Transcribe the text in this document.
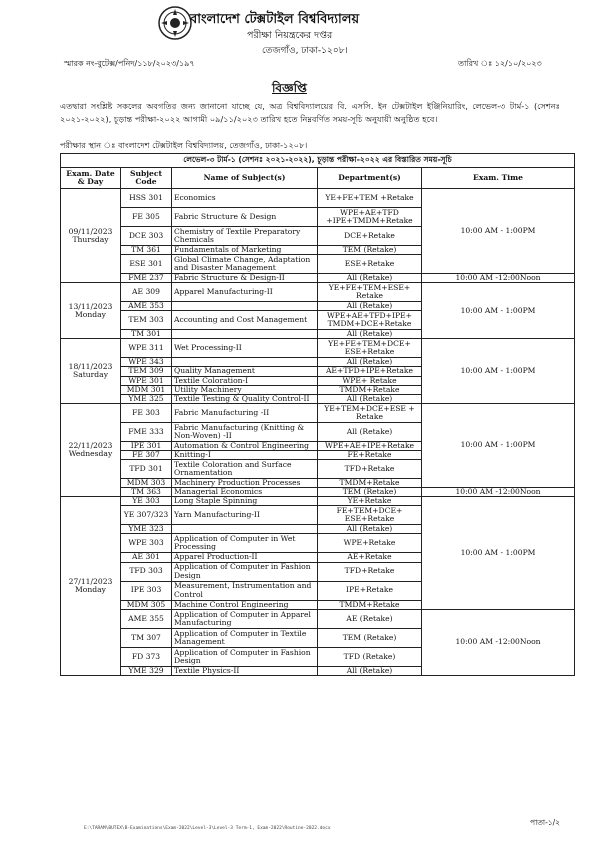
বাংলাদেশ টেক্সটাইল বিশ্ববিদ্যালয়
পরীক্ষা নিয়ন্ত্রকের দপ্তর
তেজগাঁও, ঢাকা-১২০৮।
স্মারক নং-বুটেক্স/পনিদ/১১৮/২০২৩/১৯৭	তারিখ ঃ ১২/১০/২০২৩
বিজ্ঞপ্তি
এতদ্বারা সংশ্লিষ্ট সকলের অবগতির জন্য জানানো যাচ্ছে যে, অত্র বিশ্ববিদ্যালয়ের বি. এসসি. ইন টেক্সটাইল ইঞ্জিনিয়ারিং, লেভেল-৩ টার্ম-১ (সেশনঃ ২০২১-২০২২), চূড়ান্ত পরীক্ষা-২০২২ আগামী ০৯/১১/২০২৩ তারিখ হতে নিম্নবর্ণিত সময়-সূচি অনুযায়ী অনুষ্ঠিত হবে।
পরীক্ষার স্থান ঃ বাংলাদেশ টেক্সটাইল বিশ্ববিদ্যালয়, তেজগাঁও, ঢাকা-১২০৮।
লেভেল-৩ টার্ম-১ (সেশনঃ ২০২১-২০২২), চূড়ান্ত পরীক্ষা-২০২২ এর বিস্তারিত সময়-সূচি				
Exam. Date & Day	Subject Code	Name of Subject(s)	Department(s)	Exam. Time
09/11/2023 Thursday	HSS 301	Economics	YE+FE+TEM +Retake	10:00 AM - 1:00PM
	FE 305	Fabric Structure & Design	WPE+AE+TFD +IPE+TMDM+Retake	
	DCE 303	Chemistry of Textile Preparatory Chemicals	DCE+Retake	
	TM 361	Fundamentals of Marketing	TEM (Retake)	
	ESE 301	Global Climate Change, Adaptation and Disaster Management	ESE+Retake	
	FME 237	Fabric Structure & Design-II	All (Retake)	10:00 AM -12:00Noon
13/11/2023 Monday	AE 309	Apparel Manufacturing-II	YE+FE+TEM+ESE+ Retake	10:00 AM - 1:00PM
	AME 353		All (Retake)	
	TEM 303	Accounting and Cost Management	WPE+AE+TFD+IPE+ TMDM+DCE+Retake	
	TM 301		All (Retake)	
18/11/2023 Saturday	WPE 311	Wet Processing-II	YE+FE+TEM+DCE+ ESE+Retake	10:00 AM - 1:00PM
	WPE 343		All (Retake)	
	TEM 309	Quality Management	AE+TFD+IPE+Retake	
	WPE 301	Textile Coloration-I	WPE+ Retake	
	MDM 301	Utility Machinery	TMDM+Retake	
	YME 325	Textile Testing & Quality Control-II	All (Retake)	
22/11/2023 Wednesday	FE 303	Fabric Manufacturing -II	YE+TEM+DCE+ESE + Retake	10:00 AM - 1:00PM
	FME 333	Fabric Manufacturing (Knitting & Non-Woven) -II	All (Retake)	
	IPE 301	Automation & Control Engineering	WPE+AE+IPE+Retake	
	FE 307	Knitting-I	FE+Retake	
	TFD 301	Textile Coloration and Surface Ornamentation	TFD+Retake	
	MDM 303	Machinery Production Processes	TMDM+Retake	
	TM 363	Managerial Economics	TEM (Retake)	10:00 AM -12:00Noon
27/11/2023 Monday	YE 303	Long Staple Spinning	YE+Retake	10:00 AM - 1:00PM
	YE 307/323	Yarn Manufacturing-II	FE+TEM+DCE+ ESE+Retake	
	YME 323		All (Retake)	
	WPE 303	Application of Computer in Wet Processing	WPE+Retake	
	AE 301	Apparel Production-II	AE+Retake	
	TFD 303	Application of Computer in Fashion Design	TFD+Retake	
	IPE 303	Measurement, Instrumentation and Control	IPE+Retake	
	MDM 305	Machine Control Engineering	TMDM+Retake	
	AME 355	Application of Computer in Apparel Manufacturing	AE (Retake)	10:00 AM -12:00Noon
	TM 307	Application of Computer in Textile Management	TEM (Retake)	
	FD 373	Application of Computer in Fashion Design	TFD (Retake)	
	YME 329	Textile Physics-II	All (Retake)	
E:\TARAM\BUTEX\B-Examinations\Exam-2022\Level-3\Level-3 Term-1, Exam-2022\Routine-2022.docx
পাতা-১/২
